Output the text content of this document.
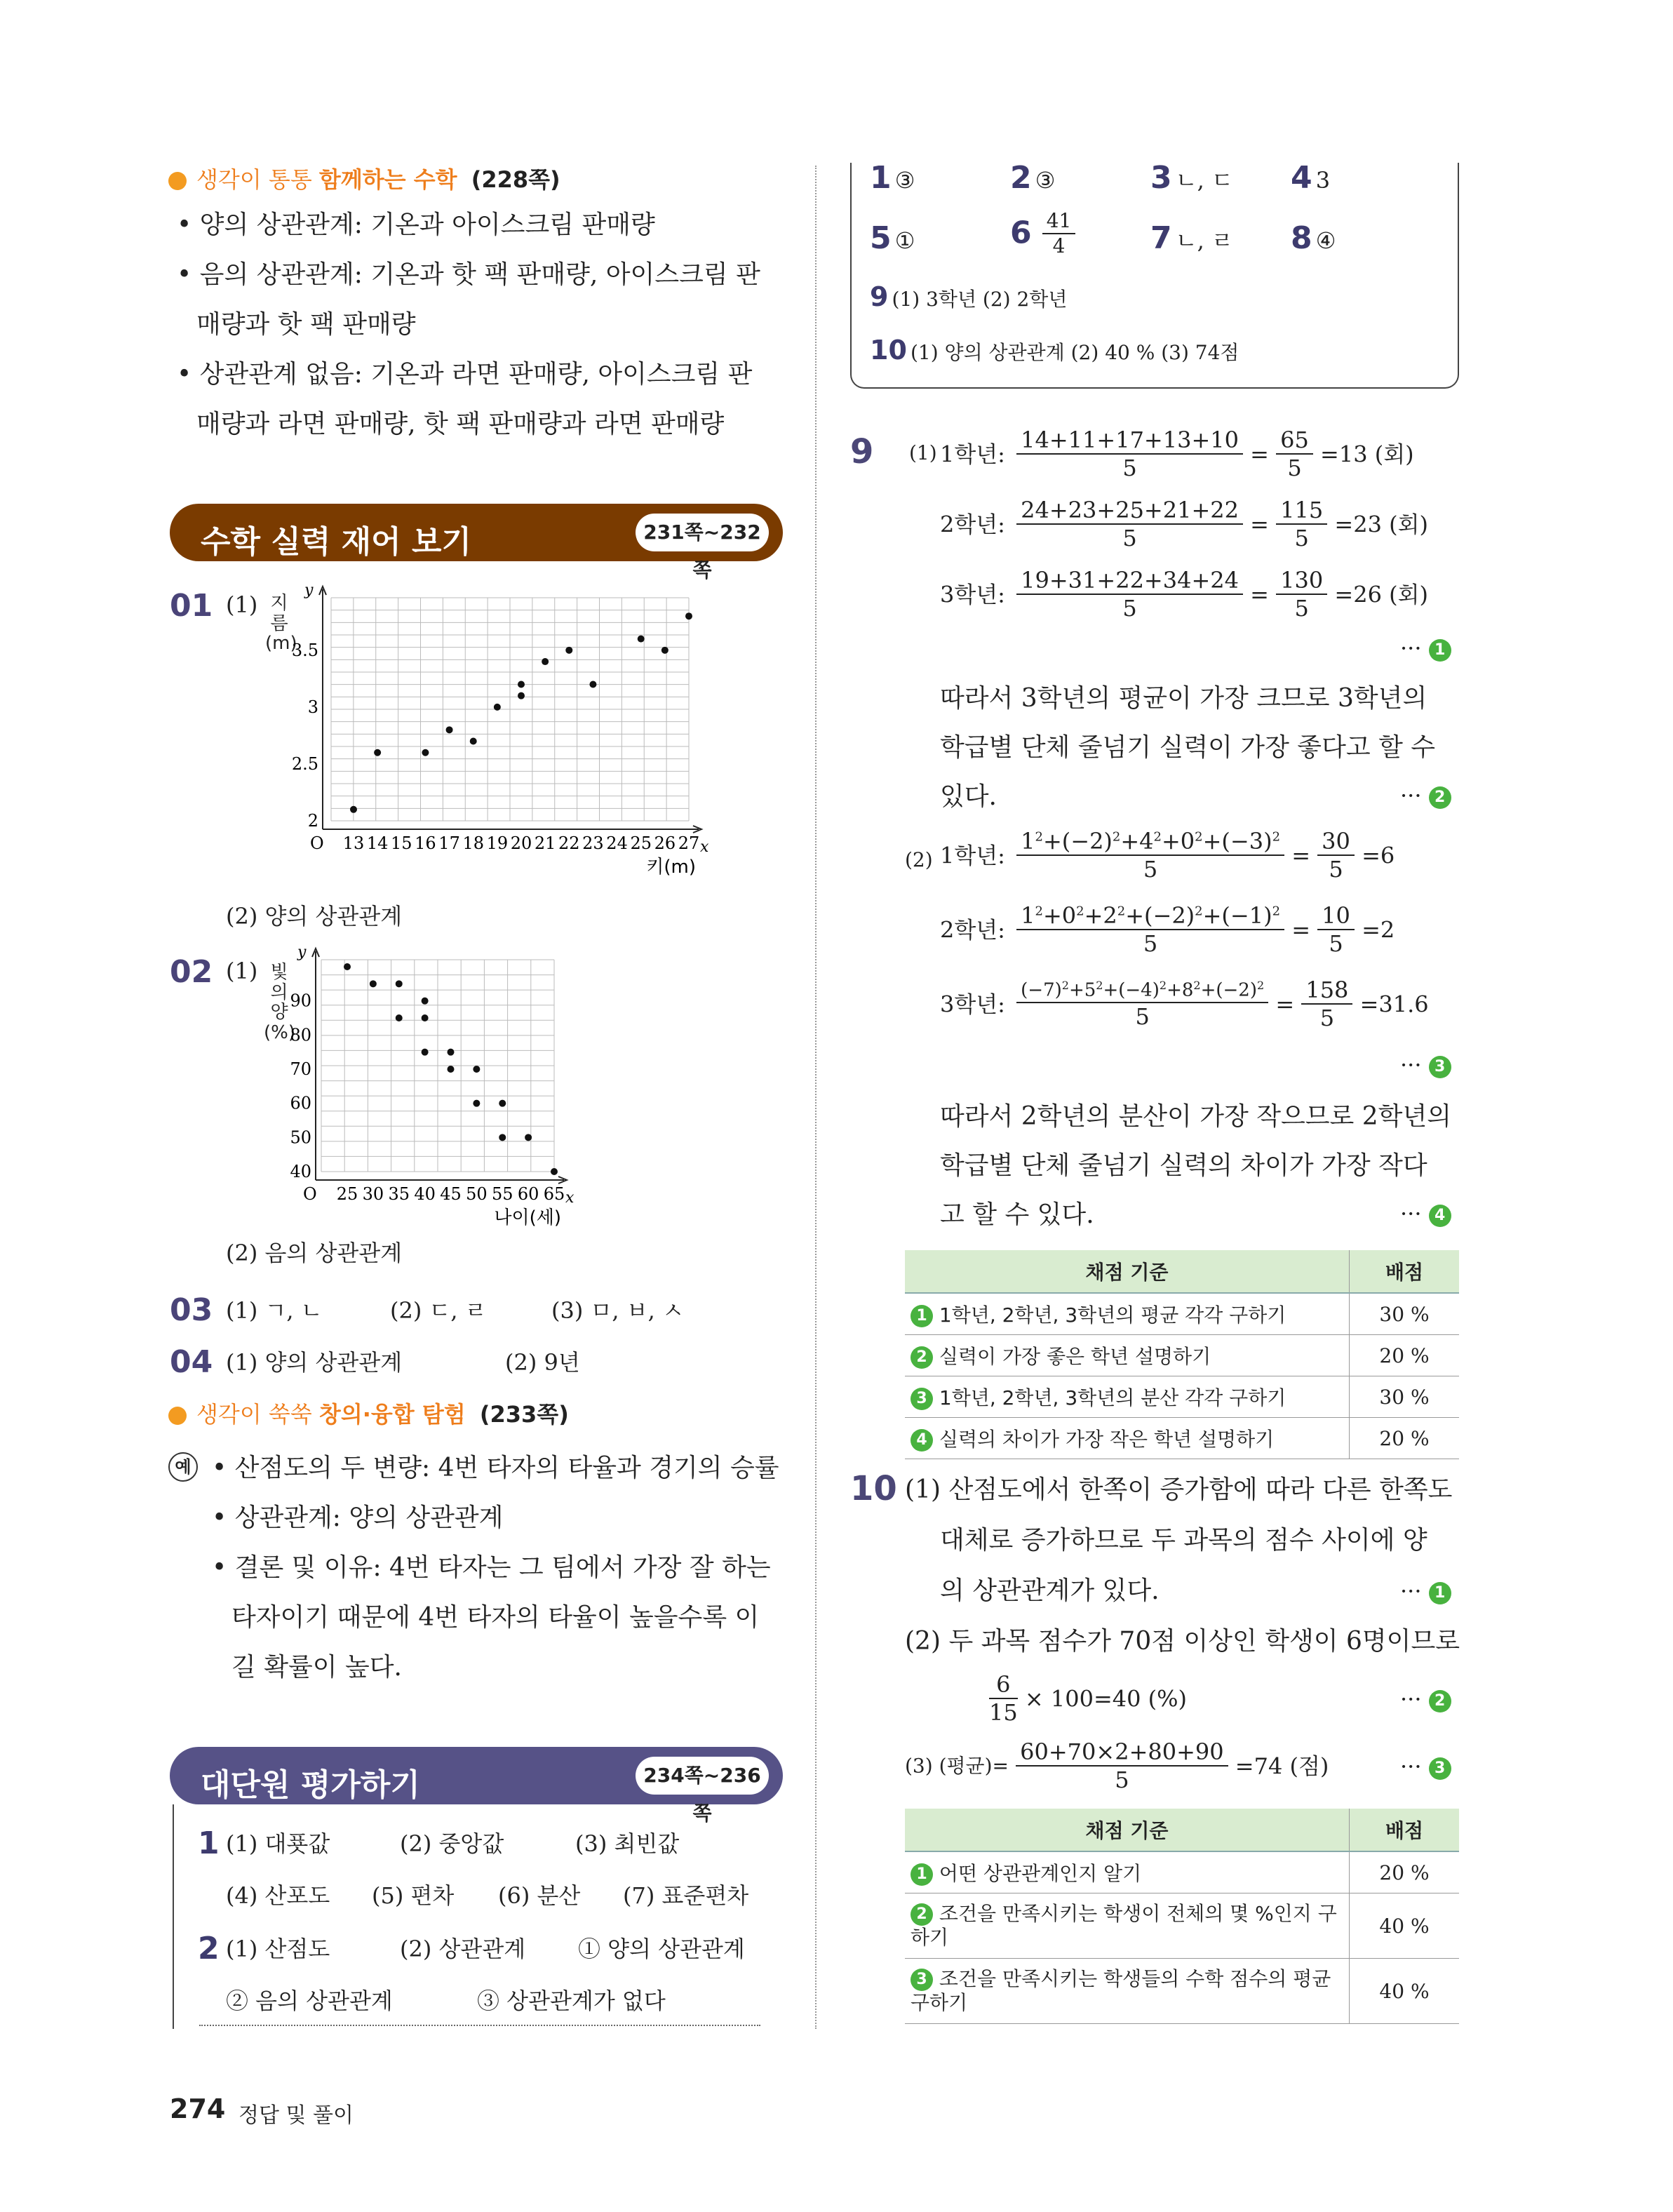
생각이 통통 함께하는 수학 (228쪽)
• 양의 상관관계: 기온과 아이스크림 판매량
• 음의 상관관계: 기온과 핫 팩 판매량, 아이스크림 판
매량과 핫 팩 판매량
• 상관관계 없음: 기온과 라면 판매량, 아이스크림 판
매량과 라면 판매량, 핫 팩 판매량과 라면 판매량
수학 실력 재어 보기	231쪽~232쪽
01 (1) 지름(m)
y
x
O 13 14 15 16 17 18 19 20 21 22 23 24 25 26 27
2
2.5
3
3.5
키(m)
(2) 양의 상관관계
02 (1) 빛의 양(%)
y
x
O 25 30 35 40 45 50 55 60 65
40
50
60
70
80
90
나이(세)
(2) 음의 상관관계
03 (1) ㄱ, ㄴ	(2) ㄷ, ㄹ	(3) ㅁ, ㅂ, ㅅ
04 (1) 양의 상관관계	(2) 9년
생각이 쑥쑥 창의·융합 탐험 (233쪽)
예 • 산점도의 두 변량: 4번 타자의 타율과 경기의 승률
• 상관관계: 양의 상관관계
• 결론 및 이유: 4번 타자는 그 팀에서 가장 잘 하는
타자이기 때문에 4번 타자의 타율이 높을수록 이
길 확률이 높다.
대단원 평가하기	234쪽~236쪽
1 (1) 대푯값	(2) 중앙값	(3) 최빈값
(4) 산포도 (5) 편차 (6) 분산 (7) 표준편차
2 (1) 산점도	(2) 상관관계 ① 양의 상관관계
② 음의 상관관계	③ 상관관계가 없다
1 ③	2 ③	3 ㄴ, ㄷ 4 3
5 ①	$6 \frac{41}{4} 7$ ㄴ, ㄹ 8 ④
9 (1) 3학년 (2) 2학년
10 (1) 양의 상관관계 (2) 40 % (3) 74점
9 (1) 1학년: $\frac{14+11+17+13+10}{5} = \frac{65}{5} =13$ (회)
2학년: $\frac{24+23+25+21+22}{5} = \frac{115}{5} =23$ (회)
3학년: $\frac{19+31+22+34+24}{5} = \frac{130}{5} =26$ (회)
··· 1
따라서 3학년의 평균이 가장 크므로 3학년의
학급별 단체 줄넘기 실력이 가장 좋다고 할 수
있다.	··· 2
(2) 1학년: $\frac{1^2+(-2)^2+4^2+0^2+(-3)^2}{5} = \frac{30}{5} =6$
2학년: $\frac{1^2+0^2+2^2+(-2)^2+(-1)^2}{5} = \frac{10}{5} =2$
3학년: $\frac{(-7)^2+5^2+(-4)^2+8^2+(-2)^2}{5} = \frac{158}{5} =31.6$
··· 3
따라서 2학년의 분산이 가장 작으므로 2학년의
학급별 단체 줄넘기 실력의 차이가 가장 작다
고 할 수 있다.	··· 4
채점 기준	배점
1 1학년, 2학년, 3학년의 평균 각각 구하기	30 %
2 실력이 가장 좋은 학년 설명하기	20 %
3 1학년, 2학년, 3학년의 분산 각각 구하기	30 %
4 실력의 차이가 가장 작은 학년 설명하기	20 %
10 (1) 산점도에서 한쪽이 증가함에 따라 다른 한쪽도
대체로 증가하므로 두 과목의 점수 사이에 양
의 상관관계가 있다.	··· 1
(2) 두 과목 점수가 70점 이상인 학생이 6명이므로
$\frac{6}{15} \times 100=40$ (%)	··· 2
(3) (평균)= $\frac{60+70\times 2+80+90}{5} =74$ (점)	··· 3
채점 기준	배점
1 어떤 상관관계인지 알기	20 %
2 조건을 만족시키는 학생이 전체의 몇 %인지 구하기	40 %
3 조건을 만족시키는 학생들의 수학 점수의 평균 구하기	40 %
274 정답 및 풀이
